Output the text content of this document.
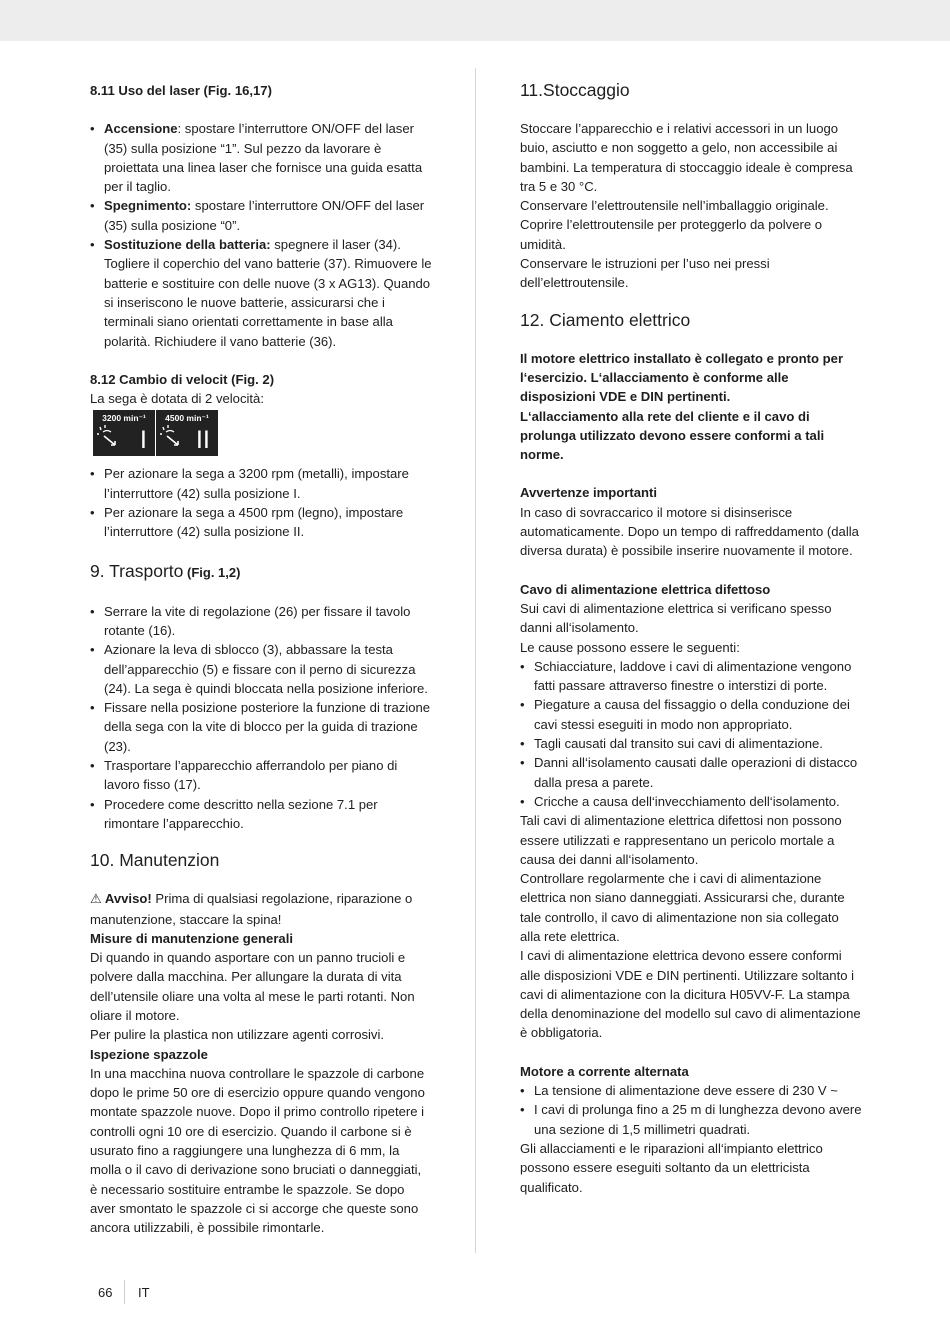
8.11 Uso del laser (Fig. 16,17)

• Accensione: spostare l’interruttore ON/OFF del laser (35) sulla posizione “1”. Sul pezzo da lavorare è proiettata una linea laser che fornisce una guida esatta per il taglio.
• Spegnimento: spostare l’interruttore ON/OFF del laser (35) sulla posizione “0”.
• Sostituzione della batteria: spegnere il laser (34). Togliere il coperchio del vano batterie (37). Rimuovere le batterie e sostituire con delle nuove (3 x AG13). Quando si inseriscono le nuove batterie, assicurarsi che i terminali siano orientati correttamente in base alla polarità. Richiudere il vano batterie (36).

8.12 Cambio di velocit (Fig. 2)

La sega è dotata di 2 velocità:

3200 min⁻¹
I
4500 min⁻¹
II
• Per azionare la sega a 3200 rpm (metalli), impostare l’interruttore (42) sulla posizione I.
• Per azionare la sega a 4500 rpm (legno), impostare l’interruttore (42) sulla posizione II.
9. Trasporto (Fig. 1,2)
• Serrare la vite di regolazione (26) per fissare il tavolo rotante (16).
• Azionare la leva di sblocco (3), abbassare la testa dell’apparecchio (5) e fissare con il perno di sicurezza (24). La sega è quindi bloccata nella posizione inferiore.
• Fissare nella posizione posteriore la funzione di trazione della sega con la vite di blocco per la guida di trazione (23).
• Trasportare l’apparecchio afferrandolo per piano di lavoro fisso (17).
• Procedere come descritto nella sezione 7.1 per rimontare l’apparecchio.
10. Manutenzion

⚠ Avviso! Prima di qualsiasi regolazione, riparazione o manutenzione, staccare la spina!

Misure di manutenzione generali

Di quando in quando asportare con un panno trucioli e polvere dalla macchina. Per allungare la durata di vita dell’utensile oliare una volta al mese le parti rotanti. Non oliare il motore.

Per pulire la plastica non utilizzare agenti corrosivi.

Ispezione spazzole

In una macchina nuova controllare le spazzole di carbone dopo le prime 50 ore di esercizio oppure quando vengono montate spazzole nuove. Dopo il primo controllo ripetere i controlli ogni 10 ore di esercizio. Quando il carbone si è usurato fino a raggiungere una lunghezza di 6 mm, la molla o il cavo di derivazione sono bruciati o danneggiati, è necessario sostituire entrambe le spazzole. Se dopo aver smontato le spazzole ci si accorge che queste sono ancora utilizzabili, è possibile rimontarle.

11.Stoccaggio

Stoccare l’apparecchio e i relativi accessori in un luogo buio, asciutto e non soggetto a gelo, non accessibile ai bambini. La temperatura di stoccaggio ideale è compresa tra 5 e 30 °C.

Conservare l’elettroutensile nell’imballaggio originale.

Coprire l’elettroutensile per proteggerlo da polvere o umidità.

Conservare le istruzioni per l’uso nei pressi dell’elettroutensile.

12. Ciamento elettrico

Il motore elettrico installato è collegato e pronto per l‘esercizio. L‘allacciamento è conforme alle disposizioni VDE e DIN pertinenti.

L‘allacciamento alla rete del cliente e il cavo di prolunga utilizzato devono essere conformi a tali norme.

Avvertenze importanti

In caso di sovraccarico il motore si disinserisce automaticamente. Dopo un tempo di raffreddamento (dalla diversa durata) è possibile inserire nuovamente il motore.

Cavo di alimentazione elettrica difettoso

Sui cavi di alimentazione elettrica si verificano spesso danni all‘isolamento.

Le cause possono essere le seguenti:

• Schiacciature, laddove i cavi di alimentazione vengono fatti passare attraverso finestre o interstizi di porte.
• Piegature a causa del fissaggio o della conduzione dei cavi stessi eseguiti in modo non appropriato.
• Tagli causati dal transito sui cavi di alimentazione.
• Danni all‘isolamento causati dalle operazioni di distacco dalla presa a parete.
• Cricche a causa dell‘invecchiamento dell‘isolamento.

Tali cavi di alimentazione elettrica difettosi non possono essere utilizzati e rappresentano un pericolo mortale a causa dei danni all‘isolamento.

Controllare regolarmente che i cavi di alimentazione elettrica non siano danneggiati. Assicurarsi che, durante tale controllo, il cavo di alimentazione non sia collegato alla rete elettrica.

I cavi di alimentazione elettrica devono essere conformi alle disposizioni VDE e DIN pertinenti. Utilizzare soltanto i cavi di alimentazione con la dicitura H05VV-F. La stampa della denominazione del modello sul cavo di alimentazione è obbligatoria.

Motore a corrente alternata

• La tensione di alimentazione deve essere di 230 V ~
• I cavi di prolunga fino a 25 m di lunghezza devono avere una sezione di 1,5 millimetri quadrati.

Gli allacciamenti e le riparazioni all‘impianto elettrico possono essere eseguiti soltanto da un elettricista qualificato.

66 IT
